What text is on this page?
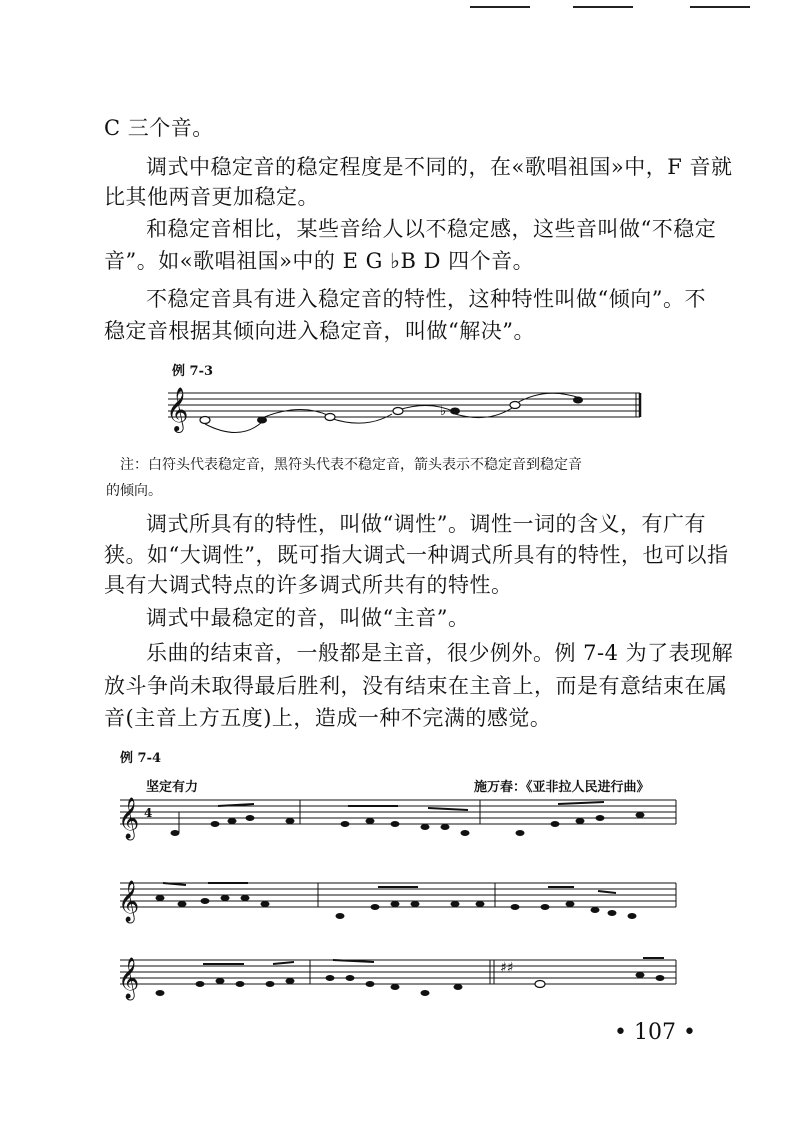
C 三个音。
调式中稳定音的稳定程度是不同的，在«歌唱祖国»中，F 音就
比其他两音更加稳定。
和稳定音相比，某些音给人以不稳定感，这些音叫做“不稳定
音”。如«歌唱祖国»中的 E G ♭B D 四个音。
不稳定音具有进入稳定音的特性，这种特性叫做“倾向”。不
稳定音根据其倾向进入稳定音，叫做“解决”。
例 7-3
𝄞	♭
注：白符头代表稳定音，黑符头代表不稳定音，箭头表示不稳定音到稳定音
的倾向。
调式所具有的特性，叫做“调性”。调性一词的含义，有广有
狭。如“大调性”，既可指大调式一种调式所具有的特性，也可以指
具有大调式特点的许多调式所共有的特性。
调式中最稳定的音，叫做“主音”。
乐曲的结束音，一般都是主音，很少例外。例 7-4 为了表现解
放斗争尚未取得最后胜利，没有结束在主音上，而是有意结束在属
音(主音上方五度)上，造成一种不完满的感觉。
例 7-4
坚定有力	施万春：《亚非拉人民进行曲》
𝄞 4
𝄞
𝄞	♯♯
• 107 •
